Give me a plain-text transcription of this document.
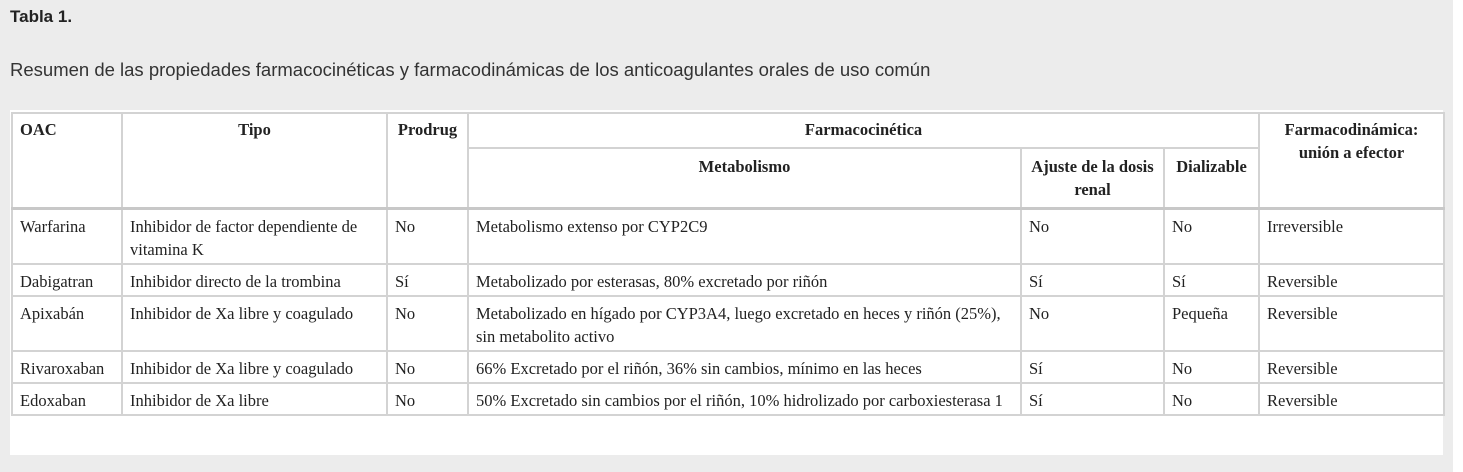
Tabla 1.
Resumen de las propiedades farmacocinéticas y farmacodinámicas de los anticoagulantes orales de uso común
OAC	Tipo	Prodrug	Farmacocinética			Farmacodinámica: unión a efector
			Metabolismo	Ajuste de la dosis renal	Dializable	
Warfarina	Inhibidor de factor dependiente de vitamina K	No	Metabolismo extenso por CYP2C9	No	No	Irreversible
Dabigatran	Inhibidor directo de la trombina	Sí	Metabolizado por esterasas, 80% excretado por riñón	Sí	Sí	Reversible
Apixabán	Inhibidor de Xa libre y coagulado	No	Metabolizado en hígado por CYP3A4, luego excretado en heces y riñón (25%), sin metabolito activo	No	Pequeña	Reversible
Rivaroxaban	Inhibidor de Xa libre y coagulado	No	66% Excretado por el riñón, 36% sin cambios, mínimo en las heces	Sí	No	Reversible
Edoxaban	Inhibidor de Xa libre	No	50% Excretado sin cambios por el riñón, 10% hidrolizado por carboxiesterasa 1	Sí	No	Reversible
